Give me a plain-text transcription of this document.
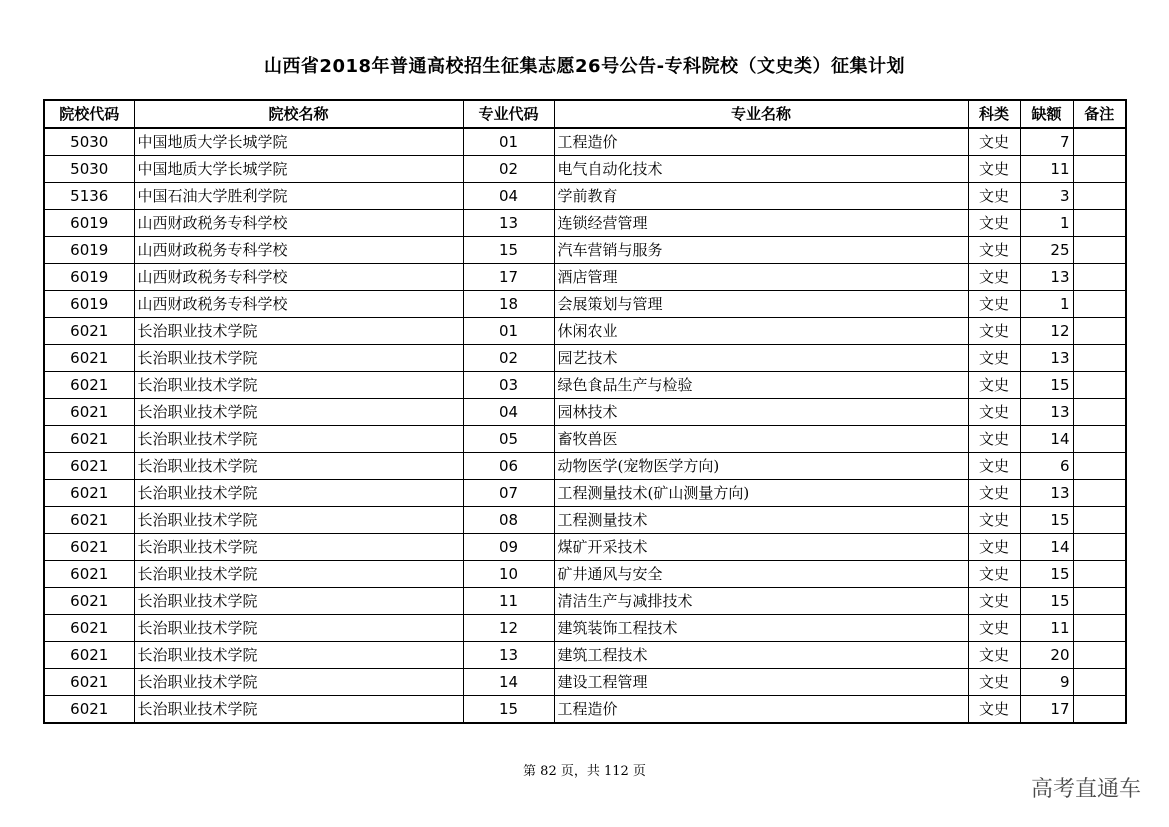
山西省2018年普通高校招生征集志愿26号公告-专科院校（文史类）征集计划
院校代码	院校名称	专业代码	专业名称	科类	缺额	备注
5030	中国地质大学长城学院	01	工程造价	文史	7	
5030	中国地质大学长城学院	02	电气自动化技术	文史	11	
5136	中国石油大学胜利学院	04	学前教育	文史	3	
6019	山西财政税务专科学校	13	连锁经营管理	文史	1	
6019	山西财政税务专科学校	15	汽车营销与服务	文史	25	
6019	山西财政税务专科学校	17	酒店管理	文史	13	
6019	山西财政税务专科学校	18	会展策划与管理	文史	1	
6021	长治职业技术学院	01	休闲农业	文史	12	
6021	长治职业技术学院	02	园艺技术	文史	13	
6021	长治职业技术学院	03	绿色食品生产与检验	文史	15	
6021	长治职业技术学院	04	园林技术	文史	13	
6021	长治职业技术学院	05	畜牧兽医	文史	14	
6021	长治职业技术学院	06	动物医学(宠物医学方向)	文史	6	
6021	长治职业技术学院	07	工程测量技术(矿山测量方向)	文史	13	
6021	长治职业技术学院	08	工程测量技术	文史	15	
6021	长治职业技术学院	09	煤矿开采技术	文史	14	
6021	长治职业技术学院	10	矿井通风与安全	文史	15	
6021	长治职业技术学院	11	清洁生产与减排技术	文史	15	
6021	长治职业技术学院	12	建筑装饰工程技术	文史	11	
6021	长治职业技术学院	13	建筑工程技术	文史	20	
6021	长治职业技术学院	14	建设工程管理	文史	9	
6021	长治职业技术学院	15	工程造价	文史	17	
第 82 页，共 112 页
高考直通车
